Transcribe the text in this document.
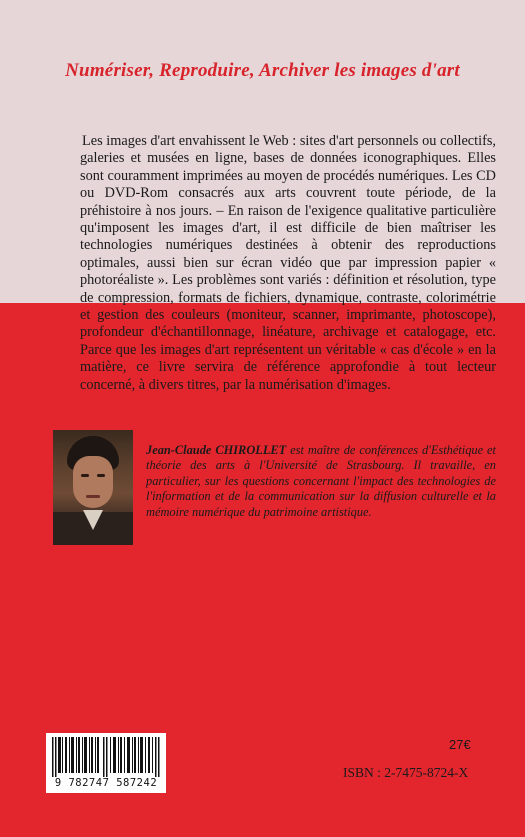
Numériser, Reproduire, Archiver les images d'art
Les images d'art envahissent le Web : sites d'art personnels ou collectifs, galeries et musées en ligne, bases de données iconographiques. Elles sont couramment imprimées au moyen de procédés numériques. Les CD ou DVD-Rom consacrés aux arts couvrent toute période, de la préhistoire à nos jours. – En raison de l'exigence qualitative particulière qu'imposent les images d'art, il est difficile de bien maîtriser les technologies numériques destinées à obtenir des reproductions optimales, aussi bien sur écran vidéo que par impression papier « photoréaliste ». Les problèmes sont variés : définition et résolution, type de compression, formats de fichiers, dynamique, contraste, colorimétrie et gestion des couleurs (moniteur, scanner, imprimante, photoscope), profondeur d'échantillonnage, linéature, archivage et catalogage, etc. Parce que les images d'art représentent un véritable « cas d'école » en la matière, ce livre servira de référence approfondie à tout lecteur concerné, à divers titres, par la numérisation d'images.
Jean-Claude CHIROLLET est maître de conférences d'Esthétique et théorie des arts à l'Université de Strasbourg. Il travaille, en particulier, sur les questions concernant l'impact des technologies de l'information et de la communication sur la diffusion culturelle et la mémoire numérique du patrimoine artistique.
9 782747 587242
27€
ISBN : 2-7475-8724-X
